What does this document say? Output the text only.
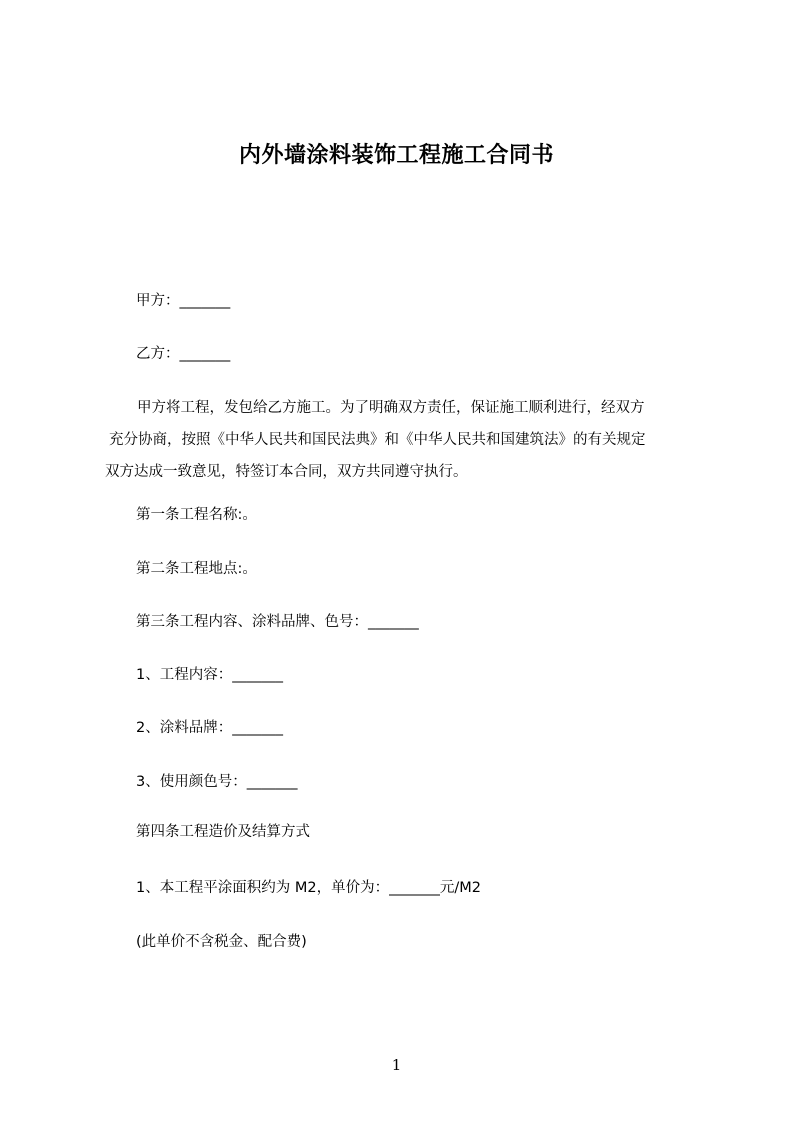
内外墙涂料装饰工程施工合同书
甲方：_______
乙方：_______
甲方将工程，发包给乙方施工。为了明确双方责任，保证施工顺利进行，经双方
充分协商，按照《中华人民共和国民法典》和《中华人民共和国建筑法》的有关规定
双方达成一致意见，特签订本合同，双方共同遵守执行。
第一条工程名称:。
第二条工程地点:。
第三条工程内容、涂料品牌、色号：_______
1、工程内容：_______
2、涂料品牌：_______
3、使用颜色号：_______
第四条工程造价及结算方式
1、本工程平涂面积约为 M2，单价为：_______元/M2
(此单价不含税金、配合费)
1
